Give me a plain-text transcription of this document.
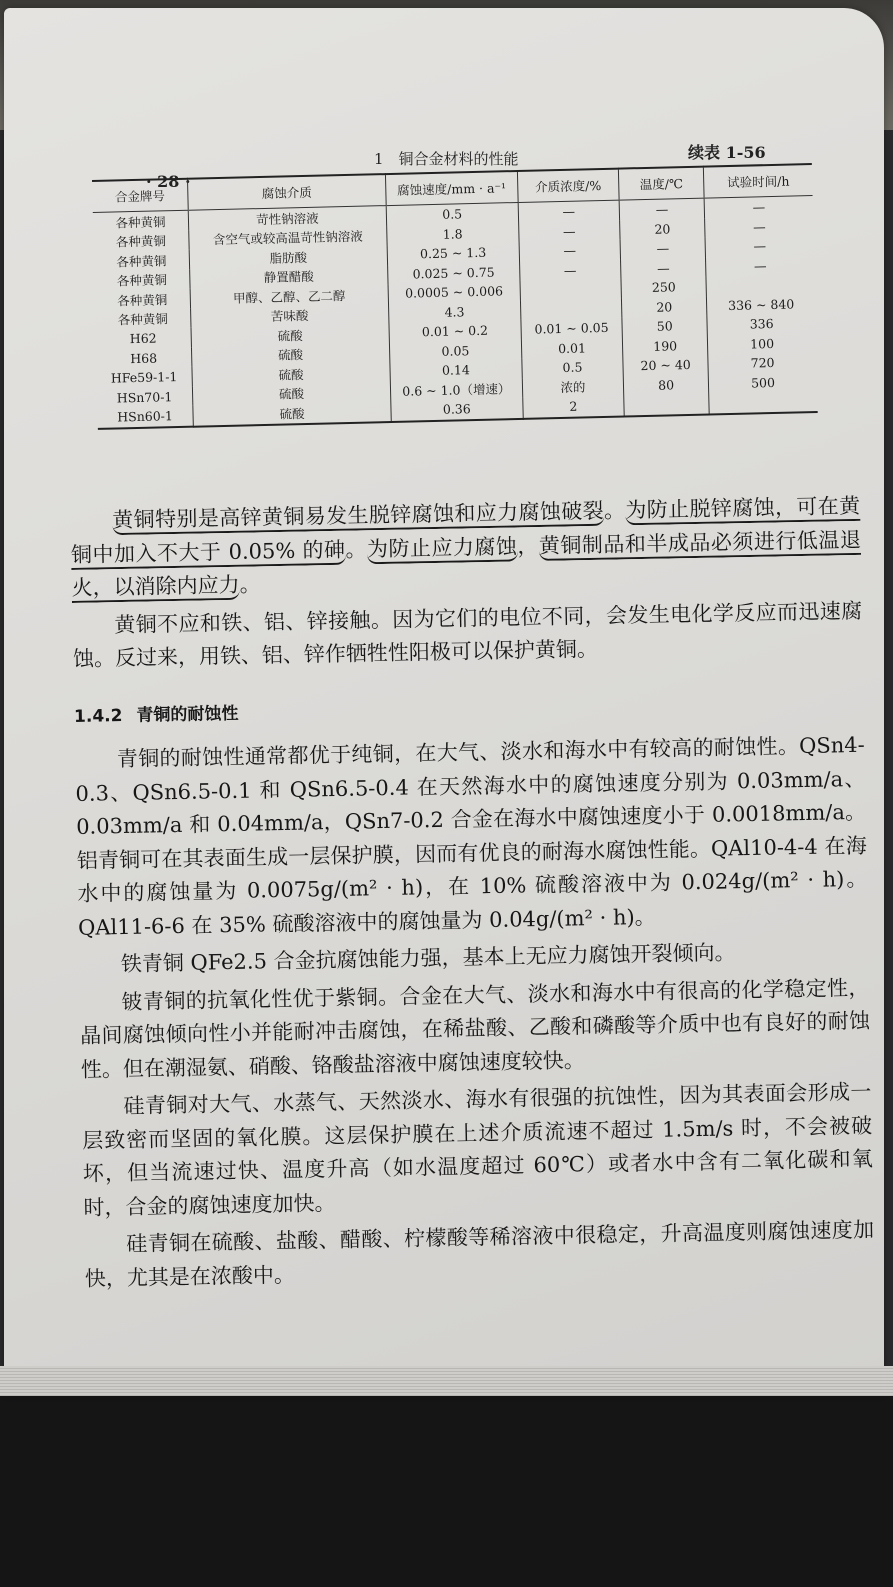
· 28 ·
1　铜合金材料的性能	续表 1-56
合金牌号	腐蚀介质	腐蚀速度/mm · a⁻¹	介质浓度/%	温度/℃	试验时间/h
各种黄铜	苛性钠溶液	0.5	—	—	—
各种黄铜	含空气或较高温苛性钠溶液	1.8	—	20	—
各种黄铜	脂肪酸	0.25 ~ 1.3	—	—	—
各种黄铜	静置醋酸	0.025 ~ 0.75	—	—	—
各种黄铜	甲醇、乙醇、乙二醇	0.0005 ~ 0.006		250	
各种黄铜	苦味酸	4.3		20	336 ~ 840
H62	硫酸	0.01 ~ 0.2	0.01 ~ 0.05	50	336
H68	硫酸	0.05	0.01	190	100
HFe59-1-1	硫酸	0.14	0.5	20 ~ 40	720
HSn70-1	硫酸	0.6 ~ 1.0（增速）	浓的	80	500
HSn60-1	硫酸	0.36	2		

黄铜特别是高锌黄铜易发生脱锌腐蚀和应力腐蚀破裂。为防止脱锌腐蚀，可在黄铜中加入不大于 0.05% 的砷。为防止应力腐蚀，黄铜制品和半成品必须进行低温退火，以消除内应力。

黄铜不应和铁、铝、锌接触。因为它们的电位不同，会发生电化学反应而迅速腐蚀。反过来，用铁、铝、锌作牺牲性阳极可以保护黄铜。

1.4.2 青铜的耐蚀性

青铜的耐蚀性通常都优于纯铜，在大气、淡水和海水中有较高的耐蚀性。QSn4-0.3、QSn6.5-0.1 和 QSn6.5-0.4 在天然海水中的腐蚀速度分别为 0.03mm/a、0.03mm/a 和 0.04mm/a，QSn7-0.2 合金在海水中腐蚀速度小于 0.0018mm/a。铝青铜可在其表面生成一层保护膜，因而有优良的耐海水腐蚀性能。QAl10-4-4 在海水中的腐蚀量为 0.0075g/(m² · h)，在 10% 硫酸溶液中为 0.024g/(m² · h)。QAl11-6-6 在 35% 硫酸溶液中的腐蚀量为 0.04g/(m² · h)。

铁青铜 QFe2.5 合金抗腐蚀能力强，基本上无应力腐蚀开裂倾向。

铍青铜的抗氧化性优于紫铜。合金在大气、淡水和海水中有很高的化学稳定性，晶间腐蚀倾向性小并能耐冲击腐蚀，在稀盐酸、乙酸和磷酸等介质中也有良好的耐蚀性。但在潮湿氨、硝酸、铬酸盐溶液中腐蚀速度较快。

硅青铜对大气、水蒸气、天然淡水、海水有很强的抗蚀性，因为其表面会形成一层致密而坚固的氧化膜。这层保护膜在上述介质流速不超过 1.5m/s 时，不会被破坏，但当流速过快、温度升高（如水温度超过 60℃）或者水中含有二氧化碳和氧时，合金的腐蚀速度加快。

硅青铜在硫酸、盐酸、醋酸、柠檬酸等稀溶液中很稳定，升高温度则腐蚀速度加快，尤其是在浓酸中。
